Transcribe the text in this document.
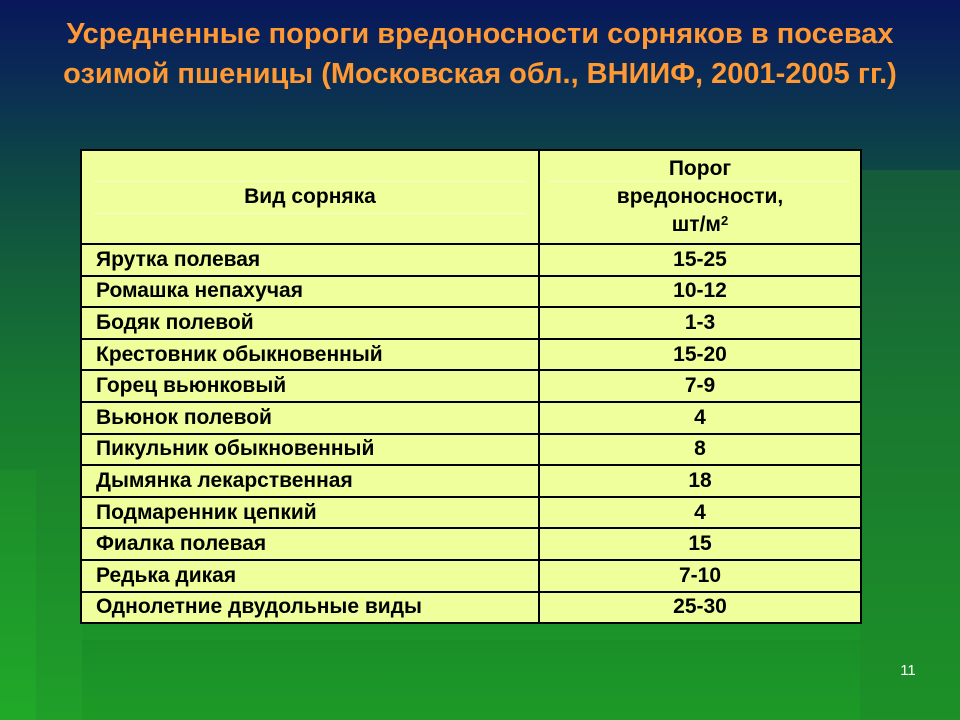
Усредненные пороги вредоносности сорняков в посевах озимой пшеницы (Московская обл., ВНИИФ, 2001-2005 гг.)
Вид сорняка	Порог
вредоносности,
$шт/м^2$

Ярутка полевая	15-25
Ромашка непахучая	10-12
Бодяк полевой	1-3
Крестовник обыкновенный	15-20
Горец вьюнковый	7-9
Вьюнок полевой	4
Пикульник обыкновенный	8
Дымянка лекарственная	18
Подмаренник цепкий	4
Фиалка полевая	15
Редька дикая	7-10
Однолетние двудольные виды	25-30
11
